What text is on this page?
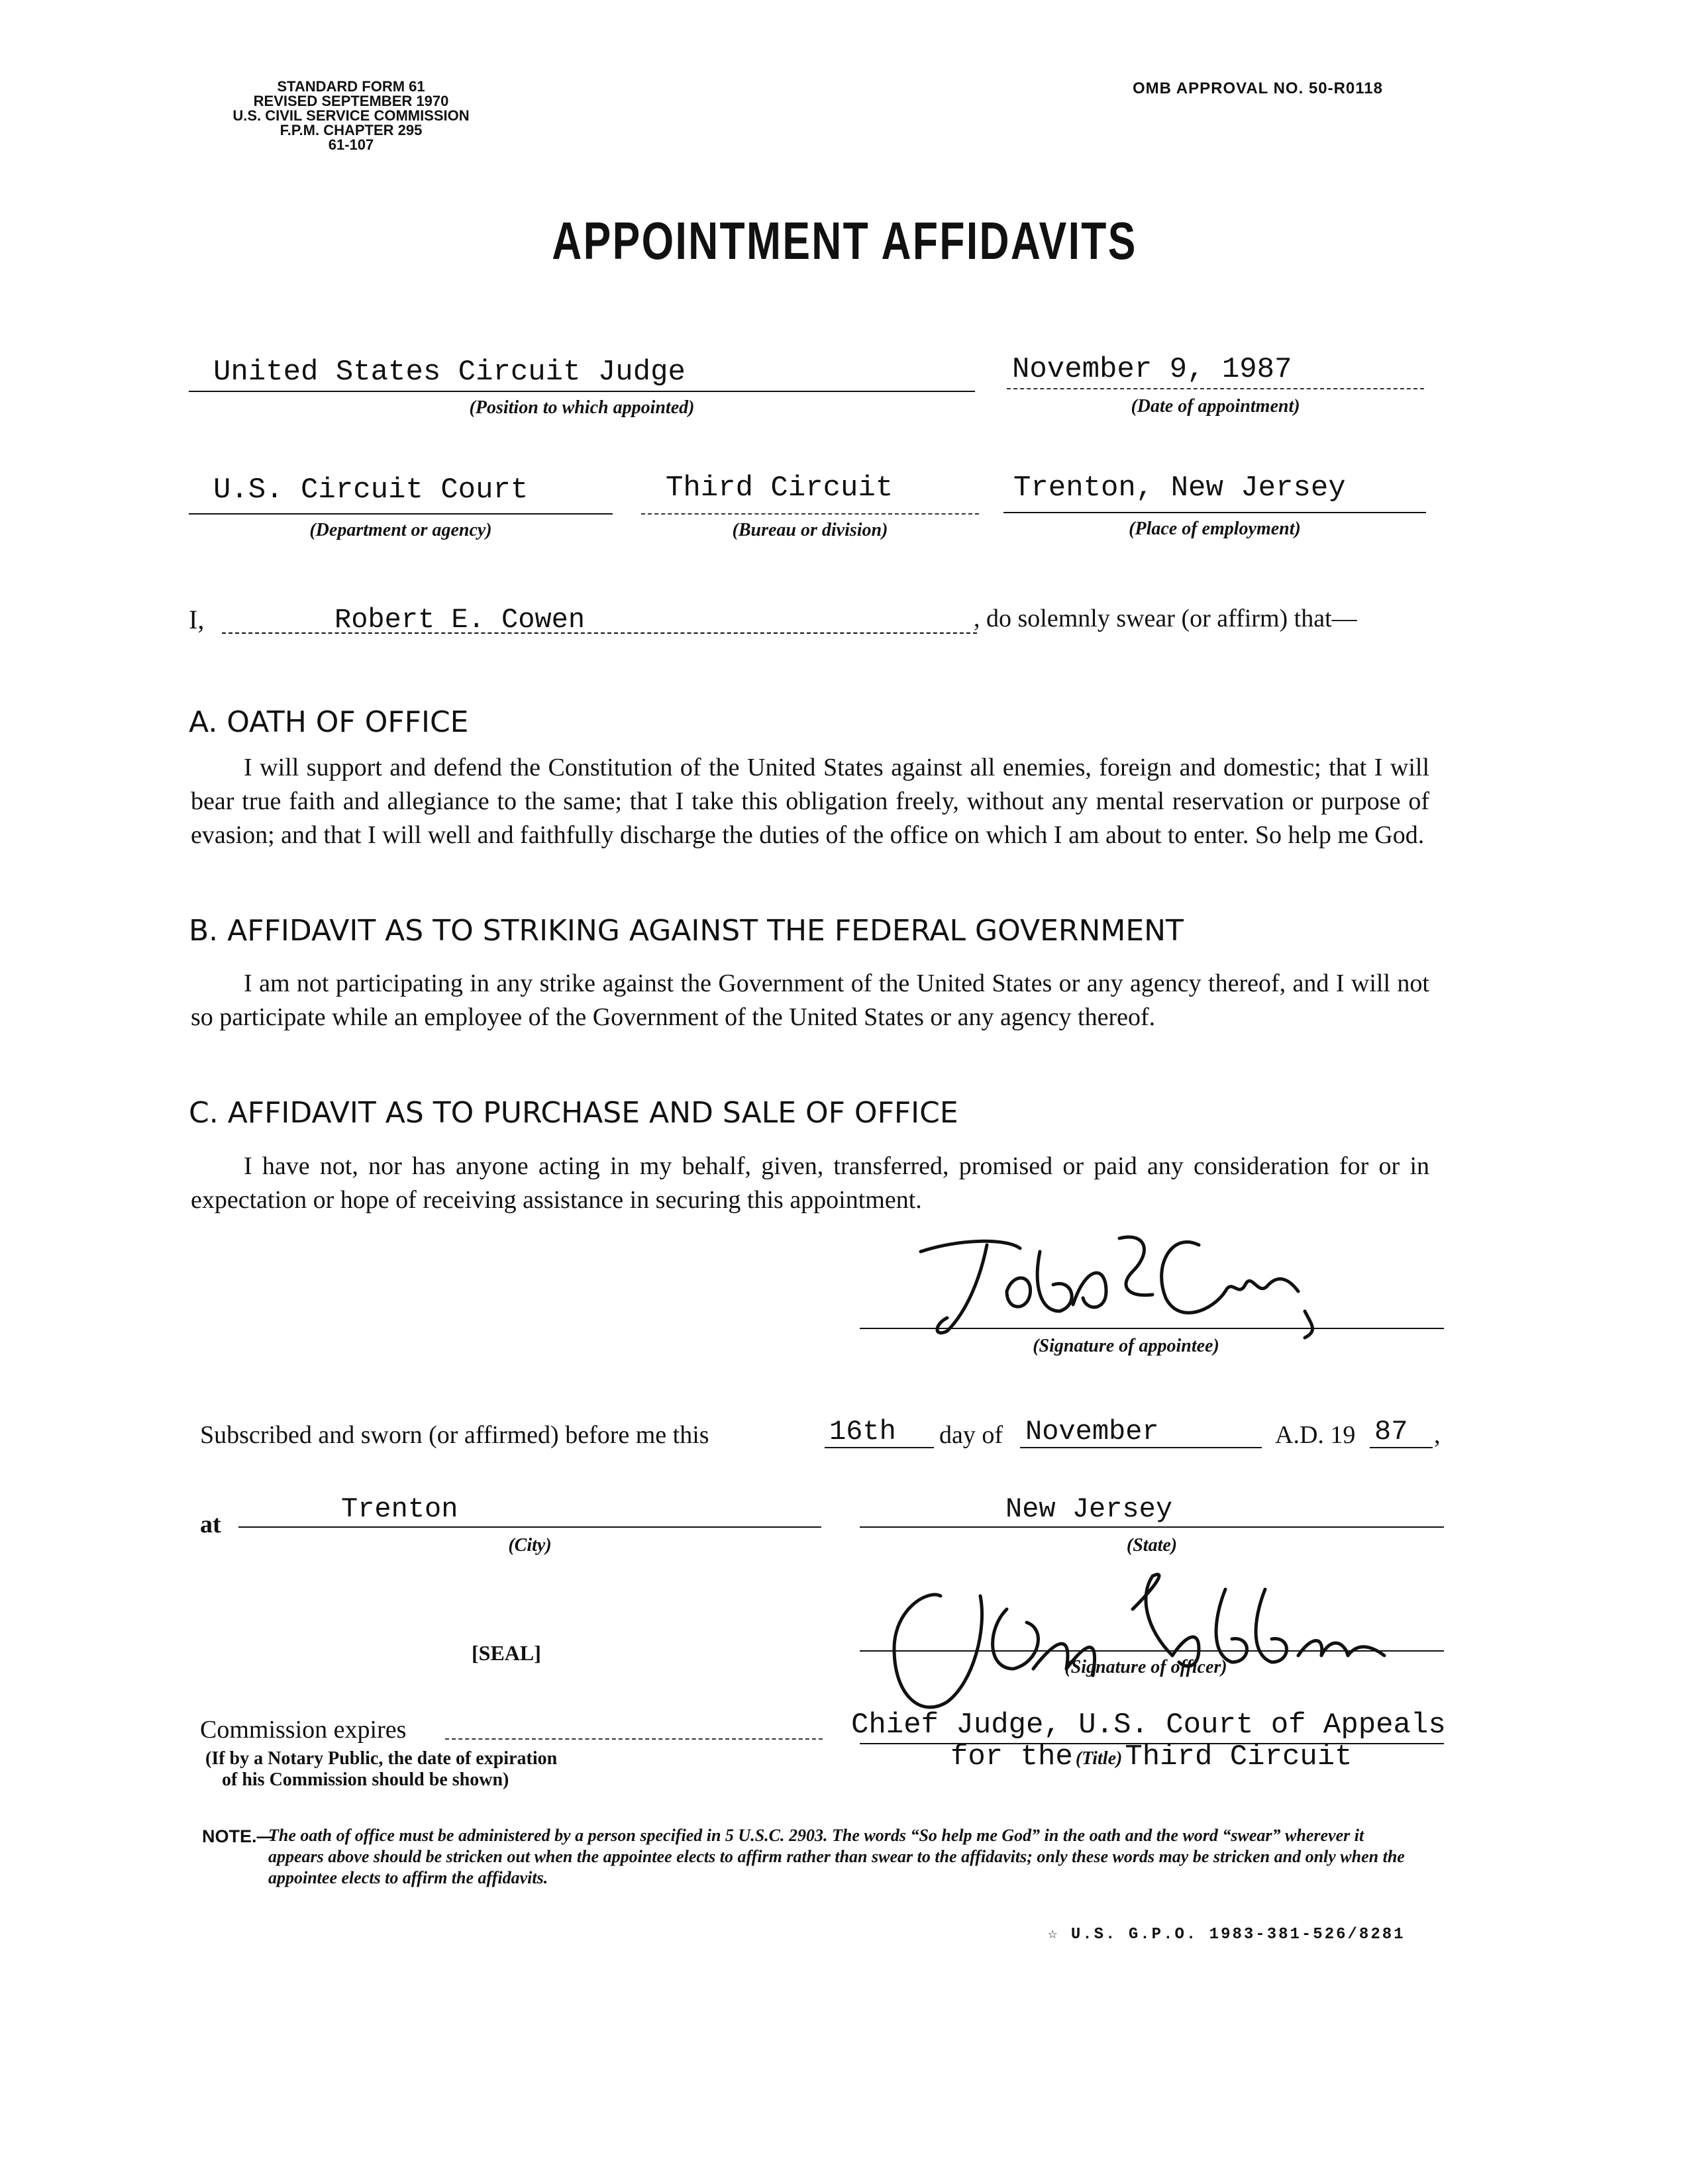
STANDARD FORM 61
REVISED SEPTEMBER 1970
U.S. CIVIL SERVICE COMMISSION
F.P.M. CHAPTER 295
61-107
OMB APPROVAL NO. 50-R0118
APPOINTMENT AFFIDAVITS
United States Circuit Judge
(Position to which appointed)
November 9, 1987
(Date of appointment)
U.S. Circuit Court
(Department or agency)
Third Circuit
(Bureau or division)
Trenton, New Jersey
(Place of employment)
I,	Robert E. Cowen	, do solemnly swear (or affirm) that—
A. OATH OF OFFICE

I will support and defend the Constitution of the United States against all enemies, foreign and domestic; that I will bear true faith and allegiance to the same; that I take this obligation freely, without any mental reservation or purpose of evasion; and that I will well and faithfully discharge the duties of the office on which I am about to enter. So help me God.

B. AFFIDAVIT AS TO STRIKING AGAINST THE FEDERAL GOVERNMENT

I am not participating in any strike against the Government of the United States or any agency thereof, and I will not so participate while an employee of the Government of the United States or any agency thereof.

C. AFFIDAVIT AS TO PURCHASE AND SALE OF OFFICE

I have not, nor has anyone acting in my behalf, given, transferred, promised or paid any consideration for or in expectation or hope of receiving assistance in securing this appointment.

(Signature of appointee)
Subscribed and sworn (or affirmed) before me this	16th day of November	A.D. 19 87 ,
at	Trenton
(City)
New Jersey
(State)
[SEAL]
(Signature of officer)
Commission expires
(If by a Notary Public, the date of expiration
of his Commission should be shown)
Chief Judge, U.S. Court of Appeals
for the (Title) Third Circuit
NOTE.—
The oath of office must be administered by a person specified in 5 U.S.C. 2903. The words “So help me God” in the oath and the word “swear” wherever it appears above should be stricken out when the appointee elects to affirm rather than swear to the affidavits; only these words may be stricken and only when the appointee elects to affirm the affidavits.
☆ U.S. G.P.O. 1983-381-526/8281
